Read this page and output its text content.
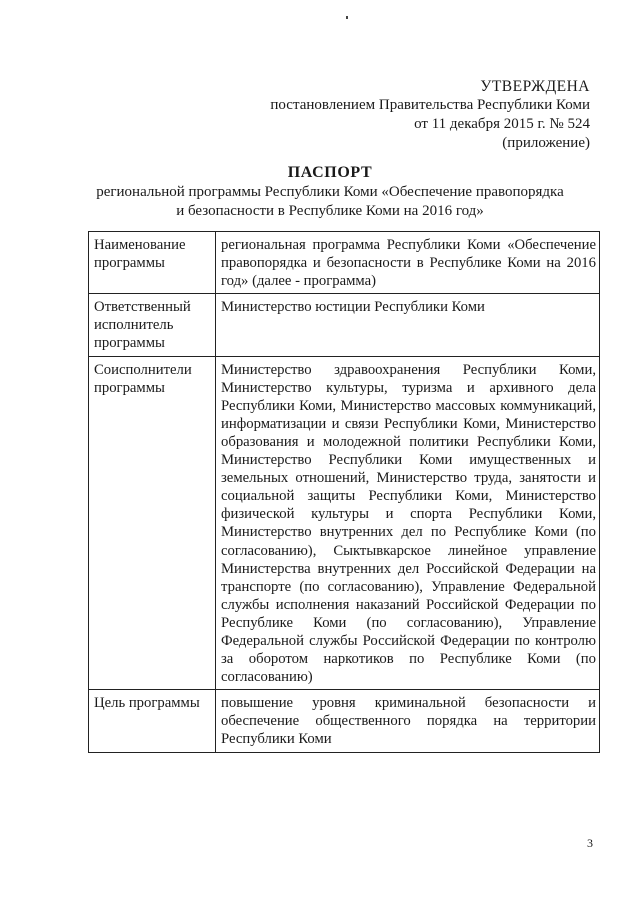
УТВЕРЖДЕНА
постановлением Правительства Республики Коми
от 11 декабря 2015 г. № 524
(приложение)
ПАСПОРТ
региональной программы Республики Коми «Обеспечение правопорядка
и безопасности в Республике Коми на 2016 год»
Наименование программы	региональная программа Республики Коми «Обеспечение правопорядка и безопасности в Республике Коми на 2016 год» (далее - программа)
Ответственный исполнитель программы	Министерство юстиции Республики Коми
Соисполнители программы	Министерство здравоохранения Республики Коми, Министерство культуры, туризма и архивного дела Республики Коми, Министерство массовых коммуникаций, информатизации и связи Республики Коми, Министерство образования и молодежной политики Республики Коми, Министерство Республики Коми имущественных и земельных отношений, Министерство труда, занятости и социальной защиты Республики Коми, Министерство физической культуры и спорта Республики Коми, Министерство внутренних дел по Республике Коми (по согласованию), Сыктывкарское линейное управление Министерства внутренних дел Российской Федерации на транспорте (по согласованию), Управление Федеральной службы исполнения наказаний Российской Федерации по Республике Коми (по согласованию), Управление Федеральной службы Российской Федерации по контролю за оборотом наркотиков по Республике Коми (по согласованию)
Цель программы	повышение уровня криминальной безопасности и обеспечение общественного порядка на территории Республики Коми
3
